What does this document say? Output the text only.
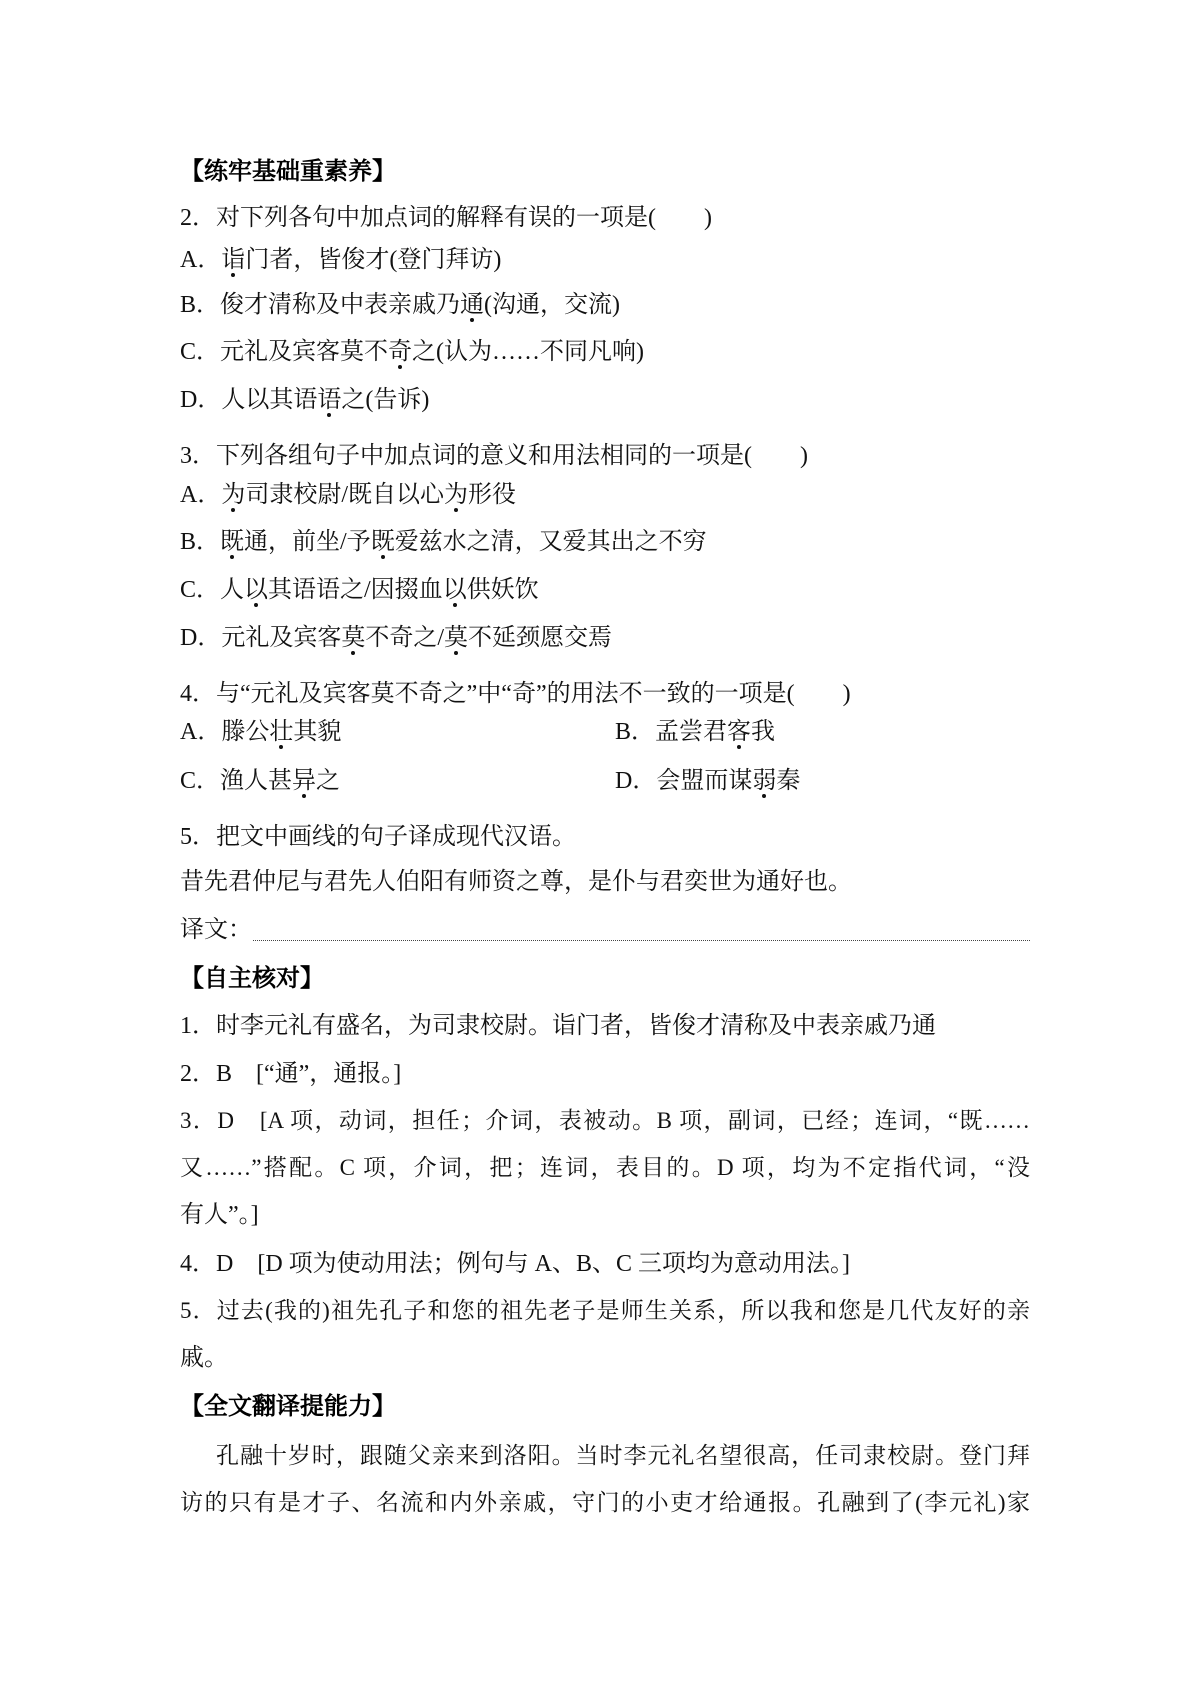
【练牢基础重素养】
2．对下列各句中加点词的解释有误的一项是(　　)
A．诣门者，皆俊才(登门拜访)
B．俊才清称及中表亲戚乃通(沟通，交流)
C．元礼及宾客莫不奇之(认为……不同凡响)
D．人以其语语之(告诉)
3．下列各组句子中加点词的意义和用法相同的一项是(　　)
A．为司隶校尉/既自以心为形役
B．既通，前坐/予既爱兹水之清，又爱其出之不穷
C．人以其语语之/因掇血以供妖饮
D．元礼及宾客莫不奇之/莫不延颈愿交焉
4．与“元礼及宾客莫不奇之”中“奇”的用法不一致的一项是(　　)
A．滕公壮其貌	B．孟尝君客我
C．渔人甚异之	D．会盟而谋弱秦
5．把文中画线的句子译成现代汉语。
昔先君仲尼与君先人伯阳有师资之尊，是仆与君奕世为通好也。
译文：
【自主核对】
1．时李元礼有盛名，为司隶校尉。诣门者，皆俊才清称及中表亲戚乃通
2．B　[“通”，通报。]
3．D　[A 项，动词，担任；介词，表被动。B 项，副词，已经；连词，“既……
又……”搭配。C 项，介词，把；连词，表目的。D 项，均为不定指代词，“没
有人”。]
4．D　[D 项为使动用法；例句与 A、B、C 三项均为意动用法。]
5．过去(我的)祖先孔子和您的祖先老子是师生关系，所以我和您是几代友好的亲
戚。
【全文翻译提能力】
孔融十岁时，跟随父亲来到洛阳。当时李元礼名望很高，任司隶校尉。登门拜
访的只有是才子、名流和内外亲戚，守门的小吏才给通报。孔融到了(李元礼)家
